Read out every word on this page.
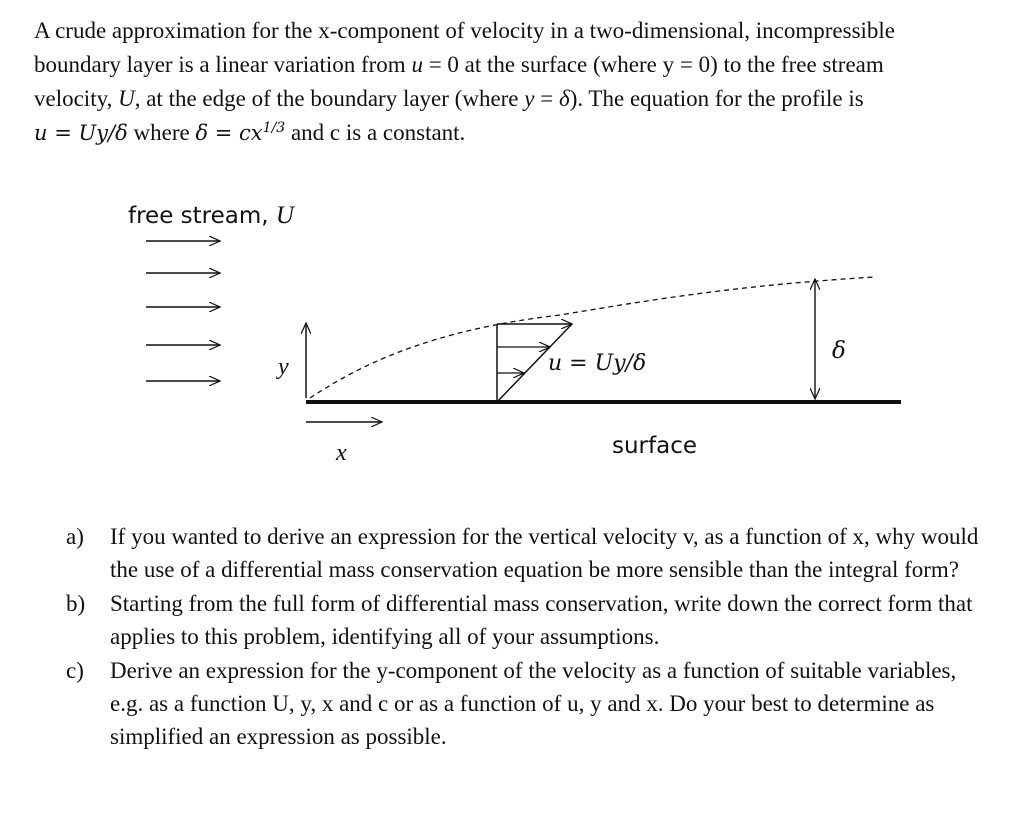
A crude approximation for the x-component of velocity in a two-dimensional, incompressible
boundary layer is a linear variation from u = 0 at the surface (where y = 0) to the free stream
velocity, U, at the edge of the boundary layer (where y = δ). The equation for the profile is
u = Uy/δ where $\delta = cx^{1/3}$ and c is a constant.
free stream, U
y	u = Uy/δ	δ
x	surface
a)	If you wanted to derive an expression for the vertical velocity v, as a function of x, why would the use of a differential mass conservation equation be more sensible than the integral form?
b)	Starting from the full form of differential mass conservation, write down the correct form that applies to this problem, identifying all of your assumptions.
c)	Derive an expression for the y-component of the velocity as a function of suitable variables, e.g. as a function U, y, x and c or as a function of u, y and x. Do your best to determine as simplified an expression as possible.
